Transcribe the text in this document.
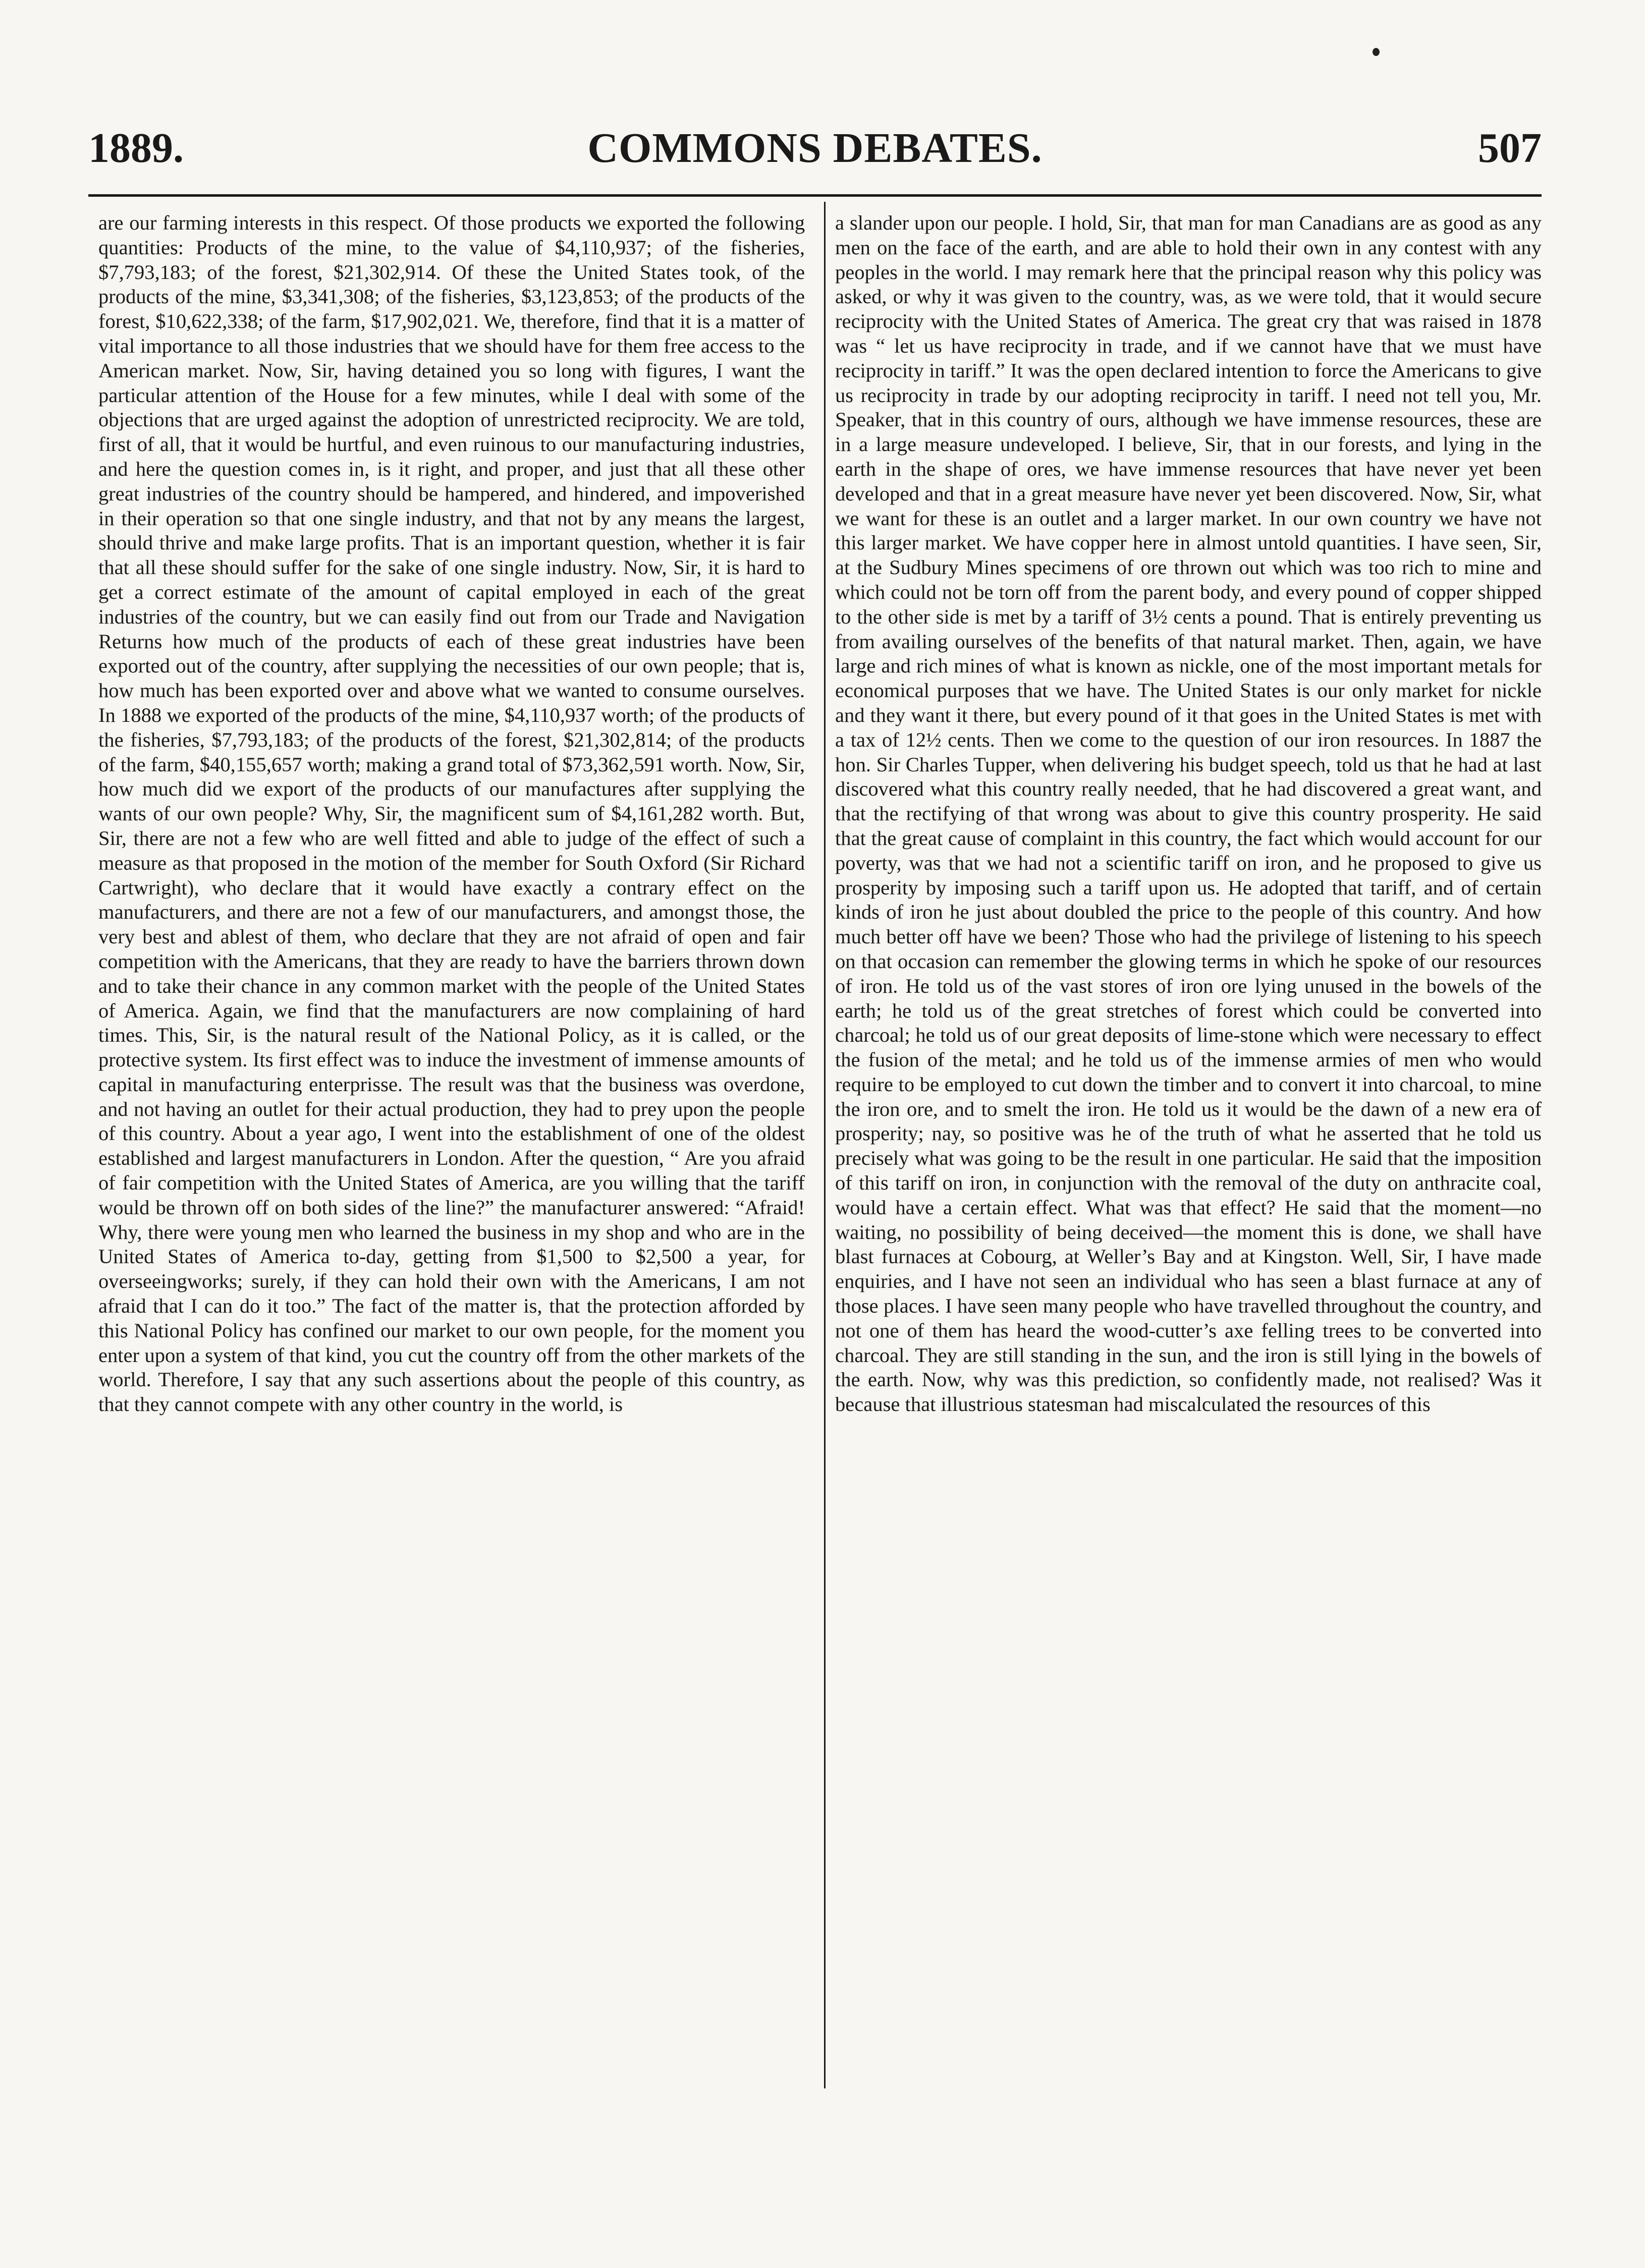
1889.	COMMONS DEBATES.	507

are our farming interests in this respect. Of those products we exported the following quantities: Products of the mine, to the value of $4,110,937; of the fisheries, $7,793,183; of the forest, $21,302,914. Of these the United States took, of the products of the mine, $3,341,308; of the fisheries, $3,123,853; of the products of the forest, $10,622,338; of the farm, $17,902,021. We, therefore, find that it is a matter of vital importance to all those industries that we should have for them free access to the American market. Now, Sir, having detained you so long with figures, I want the particular attention of the House for a few minutes, while I deal with some of the objections that are urged against the adoption of unrestricted reciprocity. We are told, first of all, that it would be hurtful, and even ruinous to our manufacturing industries, and here the question comes in, is it right, and proper, and just that all these other great industries of the country should be hampered, and hindered, and impoverished in their operation so that one single industry, and that not by any means the largest, should thrive and make large profits. That is an important question, whether it is fair that all these should suffer for the sake of one single industry. Now, Sir, it is hard to get a correct estimate of the amount of capital employed in each of the great industries of the country, but we can easily find out from our Trade and Navigation Returns how much of the products of each of these great industries have been exported out of the country, after supplying the necessities of our own people; that is, how much has been exported over and above what we wanted to consume ourselves. In 1888 we exported of the products of the mine, $4,110,937 worth; of the products of the fisheries, $7,793,183; of the products of the forest, $21,302,814; of the products of the farm, $40,155,657 worth; making a grand total of $73,362,591 worth. Now, Sir, how much did we export of the products of our manufactures after supplying the wants of our own people? Why, Sir, the magnificent sum of $4,161,282 worth. But, Sir, there are not a few who are well fitted and able to judge of the effect of such a measure as that proposed in the motion of the member for South Oxford (Sir Richard Cartwright), who declare that it would have exactly a contrary effect on the manufacturers, and there are not a few of our manufacturers, and amongst those, the very best and ablest of them, who declare that they are not afraid of open and fair competition with the Americans, that they are ready to have the barriers thrown down and to take their chance in any common market with the people of the United States of America. Again, we find that the manufacturers are now complaining of hard times. This, Sir, is the natural result of the National Policy, as it is called, or the protective system. Its first effect was to induce the investment of immense amounts of capital in manufacturing enterprisse. The result was that the business was overdone, and not having an outlet for their actual production, they had to prey upon the people of this country. About a year ago, I went into the establishment of one of the oldest established and largest manufacturers in London. After the question, “ Are you afraid of fair competition with the United States of America, are you willing that the tariff would be thrown off on both sides of the line?” the manufacturer answered: “Afraid! Why, there were young men who learned the business in my shop and who are in the United States of America to-day, getting from $1,500 to $2,500 a year, for overseeingworks; surely, if they can hold their own with the Americans, I am not afraid that I can do it too.” The fact of the matter is, that the protection afforded by this National Policy has confined our market to our own people, for the moment you enter upon a system of that kind, you cut the country off from the other markets of the world. Therefore, I say that any such assertions about the people of this country, as that they cannot compete with any other country in the world, is

a slander upon our people. I hold, Sir, that man for man Canadians are as good as any men on the face of the earth, and are able to hold their own in any contest with any peoples in the world. I may remark here that the principal reason why this policy was asked, or why it was given to the country, was, as we were told, that it would secure reciprocity with the United States of America. The great cry that was raised in 1878 was “ let us have reciprocity in trade, and if we cannot have that we must have reciprocity in tariff.” It was the open declared intention to force the Americans to give us reciprocity in trade by our adopting reciprocity in tariff. I need not tell you, Mr. Speaker, that in this country of ours, although we have immense resources, these are in a large measure undeveloped. I believe, Sir, that in our forests, and lying in the earth in the shape of ores, we have immense resources that have never yet been developed and that in a great measure have never yet been discovered. Now, Sir, what we want for these is an outlet and a larger market. In our own country we have not this larger market. We have copper here in almost untold quantities. I have seen, Sir, at the Sudbury Mines specimens of ore thrown out which was too rich to mine and which could not be torn off from the parent body, and every pound of copper shipped to the other side is met by a tariff of 3½ cents a pound. That is entirely preventing us from availing ourselves of the benefits of that natural market. Then, again, we have large and rich mines of what is known as nickle, one of the most important metals for economical purposes that we have. The United States is our only market for nickle and they want it there, but every pound of it that goes in the United States is met with a tax of 12½ cents. Then we come to the question of our iron resources. In 1887 the hon. Sir Charles Tupper, when delivering his budget speech, told us that he had at last discovered what this country really needed, that he had discovered a great want, and that the rectifying of that wrong was about to give this country prosperity. He said that the great cause of complaint in this country, the fact which would account for our poverty, was that we had not a scientific tariff on iron, and he proposed to give us prosperity by imposing such a tariff upon us. He adopted that tariff, and of certain kinds of iron he just about doubled the price to the people of this country. And how much better off have we been? Those who had the privilege of listening to his speech on that occasion can remember the glowing terms in which he spoke of our resources of iron. He told us of the vast stores of iron ore lying unused in the bowels of the earth; he told us of the great stretches of forest which could be converted into charcoal; he told us of our great deposits of lime-stone which were necessary to effect the fusion of the metal; and he told us of the immense armies of men who would require to be employed to cut down the timber and to convert it into charcoal, to mine the iron ore, and to smelt the iron. He told us it would be the dawn of a new era of prosperity; nay, so positive was he of the truth of what he asserted that he told us precisely what was going to be the result in one particular. He said that the imposition of this tariff on iron, in conjunction with the removal of the duty on anthracite coal, would have a certain effect. What was that effect? He said that the moment—no waiting, no possibility of being deceived—the moment this is done, we shall have blast furnaces at Cobourg, at Weller’s Bay and at Kingston. Well, Sir, I have made enquiries, and I have not seen an individual who has seen a blast furnace at any of those places. I have seen many people who have travelled throughout the country, and not one of them has heard the wood-cutter’s axe felling trees to be converted into charcoal. They are still standing in the sun, and the iron is still lying in the bowels of the earth. Now, why was this prediction, so confidently made, not realised? Was it because that illustrious statesman had miscalculated the resources of this
